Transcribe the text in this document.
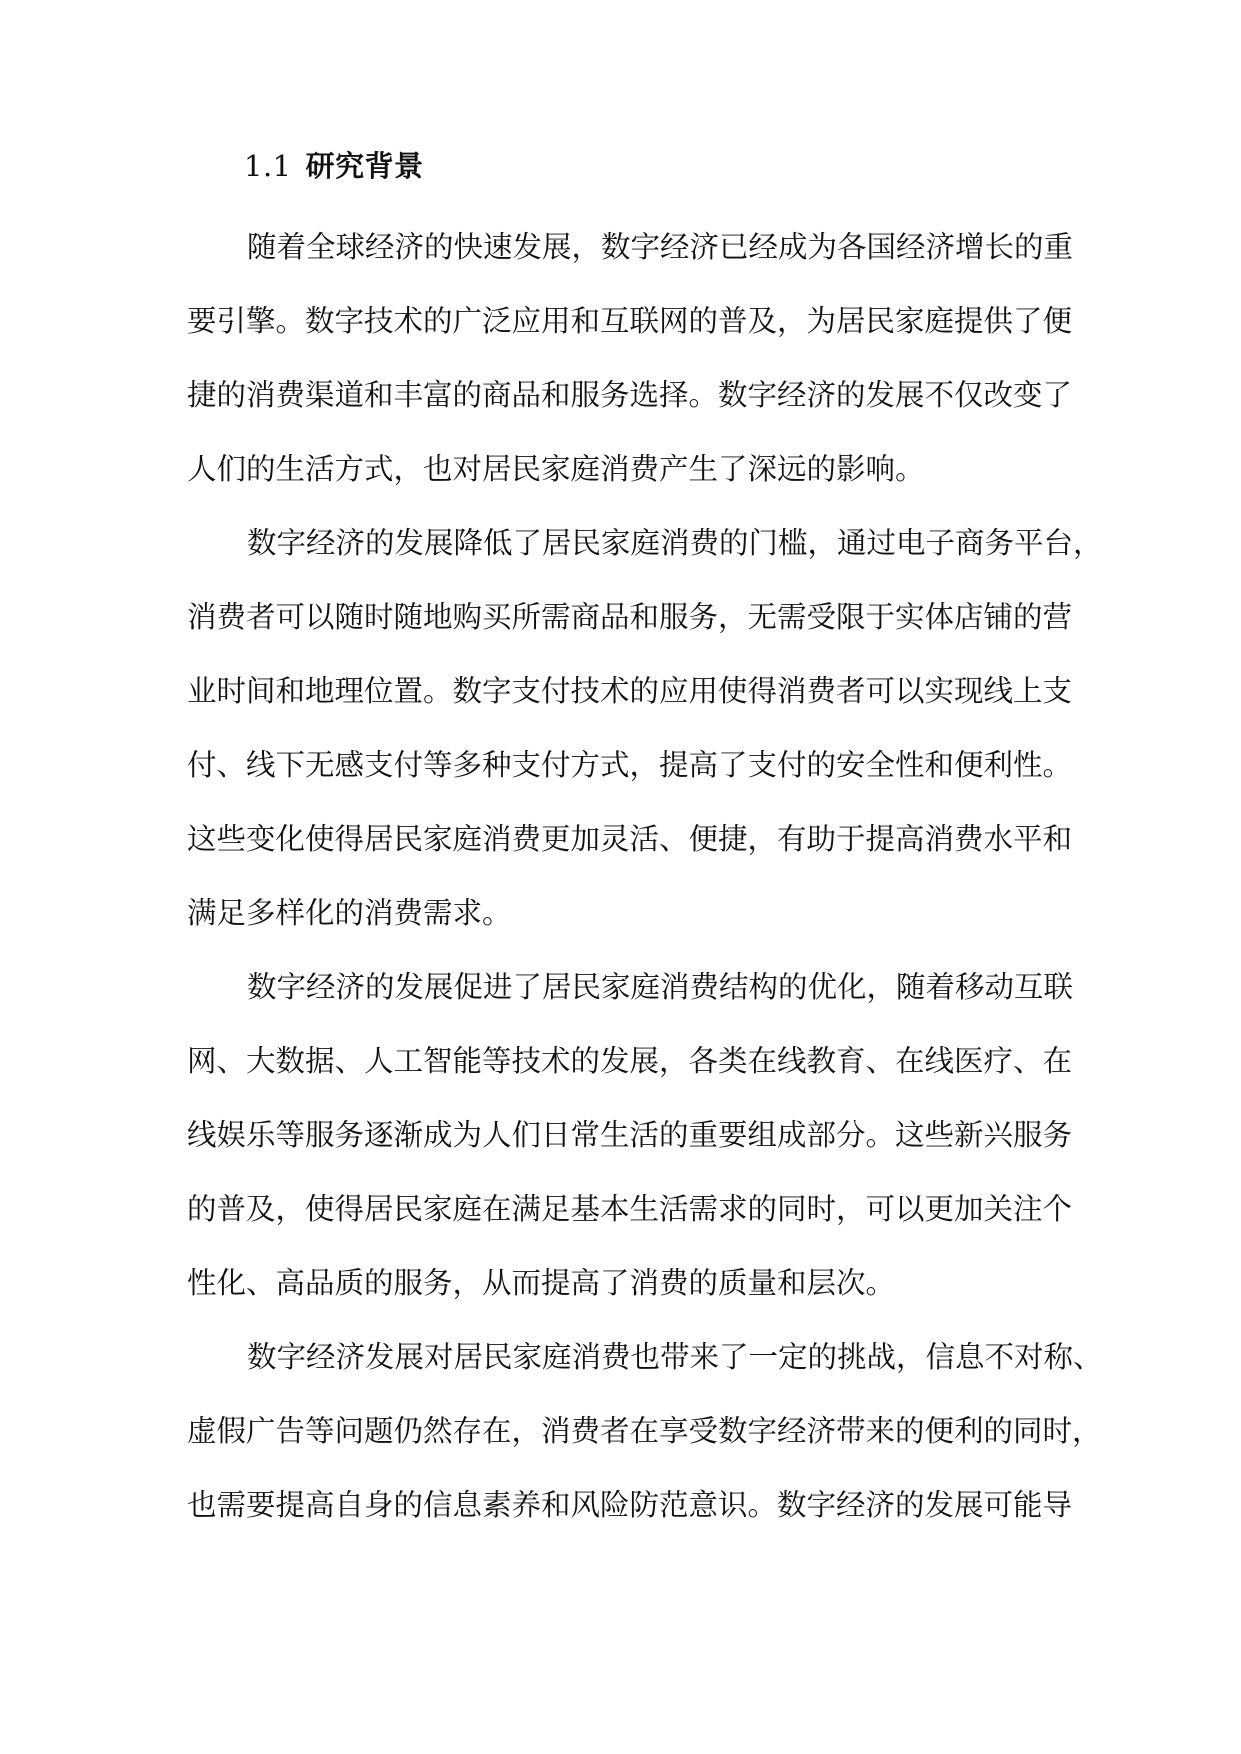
1.1 研究背景
随着全球经济的快速发展，数字经济已经成为各国经济增长的重
要引擎。数字技术的广泛应用和互联网的普及，为居民家庭提供了便
捷的消费渠道和丰富的商品和服务选择。数字经济的发展不仅改变了
人们的生活方式，也对居民家庭消费产生了深远的影响。
数字经济的发展降低了居民家庭消费的门槛，通过电子商务平台，
消费者可以随时随地购买所需商品和服务，无需受限于实体店铺的营
业时间和地理位置。数字支付技术的应用使得消费者可以实现线上支
付、线下无感支付等多种支付方式，提高了支付的安全性和便利性。
这些变化使得居民家庭消费更加灵活、便捷，有助于提高消费水平和
满足多样化的消费需求。
数字经济的发展促进了居民家庭消费结构的优化，随着移动互联
网、大数据、人工智能等技术的发展，各类在线教育、在线医疗、在
线娱乐等服务逐渐成为人们日常生活的重要组成部分。这些新兴服务
的普及，使得居民家庭在满足基本生活需求的同时，可以更加关注个
性化、高品质的服务，从而提高了消费的质量和层次。
数字经济发展对居民家庭消费也带来了一定的挑战，信息不对称、
虚假广告等问题仍然存在，消费者在享受数字经济带来的便利的同时，
也需要提高自身的信息素养和风险防范意识。数字经济的发展可能导
